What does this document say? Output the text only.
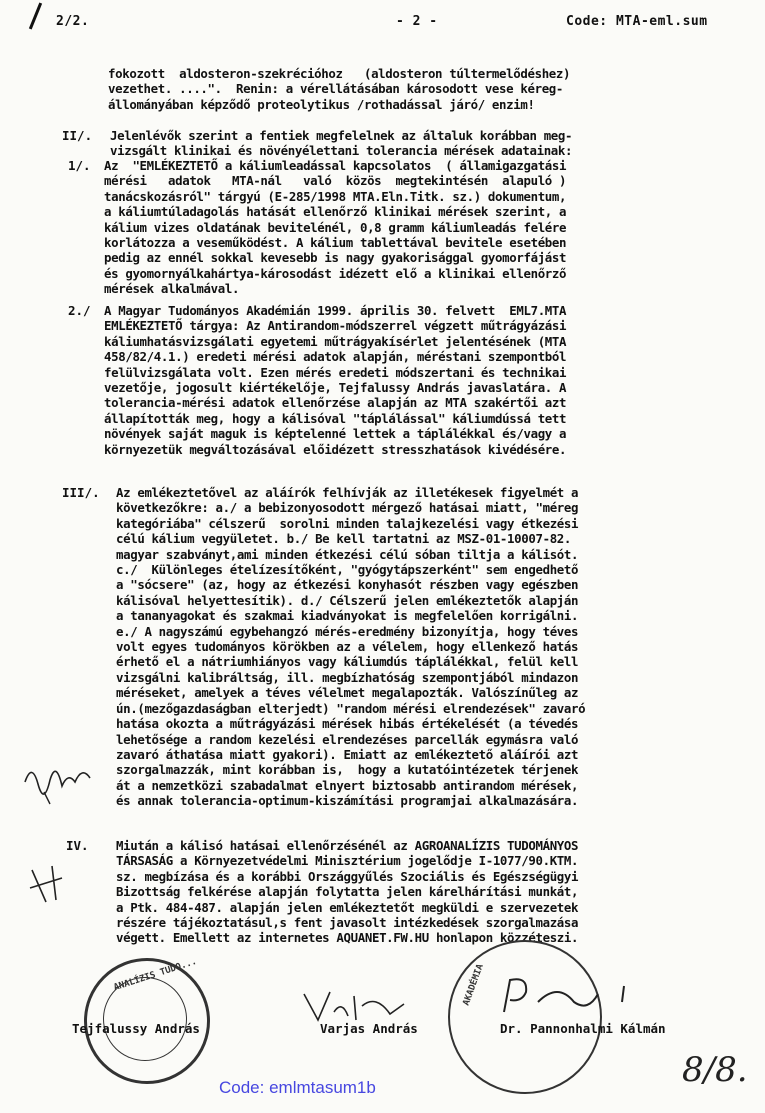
2/2.	- 2 -	Code: MTA-eml.sum
fokozott  aldosteron-szekrécióhoz   (aldosteron túltermelődéshez)
vezethet. ....".  Renin: a vérellátásában károsodott vese kéreg-
állományában képződő proteolytikus /rothadással járó/ enzim!
II/. Jelenlévők szerint a fentiek megfelelnek az általuk korábban meg-
vizsgált klinikai és növényélettani tolerancia mérések adatainak:
1/. Az  "EMLÉKEZTETŐ a káliumleadással kapcsolatos  ( államigazgatási
mérési   adatok   MTA-nál   való  közös  megtekintésén  alapuló )
tanácskozásról" tárgyú (E-285/1998 MTA.Eln.Titk. sz.) dokumentum,
a káliumtúladagolás hatását ellenőrző klinikai mérések szerint, a
kálium vizes oldatának bevitelénél, 0,8 gramm káliumleadás felére
korlátozza a veseműködést. A kálium tablettával bevitele esetében
pedig az ennél sokkal kevesebb is nagy gyakorisággal gyomorfájást
és gyomornyálkahártya-károsodást idézett elő a klinikai ellenőrző
mérések alkalmával.
2./ A Magyar Tudományos Akadémián 1999. április 30. felvett  EML7.MTA
EMLÉKEZTETŐ tárgya: Az Antirandom-módszerrel végzett műtrágyázási
káliumhatásvizsgálati egyetemi műtrágyakísérlet jelentésének (MTA
458/82/4.1.) eredeti mérési adatok alapján, méréstani szempontból
felülvizsgálata volt. Ezen mérés eredeti módszertani és technikai
vezetője, jogosult kiértékelője, Tejfalussy András javaslatára. A
tolerancia-mérési adatok ellenőrzése alapján az MTA szakértői azt
állapították meg, hogy a kálisóval "táplálással" káliumdússá tett
növények saját maguk is képtelenné lettek a táplálékkal és/vagy a
környezetük megváltozásával előidézett stresszhatások kivédésére.
III/. Az emlékeztetővel az aláírók felhívják az illetékesek figyelmét a
következőkre: a./ a bebizonyosodott mérgező hatásai miatt, "méreg
kategóriába" célszerű  sorolni minden talajkezelési vagy étkezési
célú kálium vegyületet. b./ Be kell tartatni az MSZ-01-10007-82.
magyar szabványt,ami minden étkezési célú sóban tiltja a kálisót.
c./  Különleges ételízesítőként, "gyógytápszerként" sem engedhető
a "sócsere" (az, hogy az étkezési konyhasót részben vagy egészben
kálisóval helyettesítik). d./ Célszerű jelen emlékeztetők alapján
a tananyagokat és szakmai kiadványokat is megfelelően korrigálni.
e./ A nagyszámú egybehangzó mérés-eredmény bizonyítja, hogy téves
volt egyes tudományos körökben az a vélelem, hogy ellenkező hatás
érhető el a nátriumhiányos vagy káliumdús táplálékkal, felül kell
vizsgálni kalibráltság, ill. megbízhatóság szempontjából mindazon
méréseket, amelyek a téves vélelmet megalapozták. Valószínűleg az
ún.(mezőgazdaságban elterjedt) "random mérési elrendezések" zavaró
hatása okozta a műtrágyázási mérések hibás értékelését (a tévedés
lehetősége a random kezelési elrendezéses parcellák egymásra való
zavaró áthatása miatt gyakori). Emiatt az emlékeztető aláírói azt
szorgalmazzák, mint korábban is,  hogy a kutatóintézetek térjenek
át a nemzetközi szabadalmat elnyert biztosabb antirandom mérések,
és annak tolerancia-optimum-kiszámítási programjai alkalmazására.
IV. Miután a kálisó hatásai ellenőrzésénél az AGROANALÍZIS TUDOMÁNYOS
TÁRSASÁG a Környezetvédelmi Minisztérium jogelődje I-1077/90.KTM.
sz. megbízása és a korábbi Országgyűlés Szociális és Egészségügyi
Bizottság felkérése alapján folytatta jelen kárelhárítási munkát,
a Ptk. 484-487. alapján jelen emlékeztetőt megküldi e szervezetek
részére tájékoztatásul,s fent javasolt intézkedések szorgalmazása
végett. Emellett az internetes AQUANET.FW.HU honlapon közzéteszi.
ANALÍZIS TUDO...	AKADÉMIA
Tejfalussy András	Varjas András	Dr. Pannonhalmi Kálmán
Code: emlmtasum1b	8/8.
